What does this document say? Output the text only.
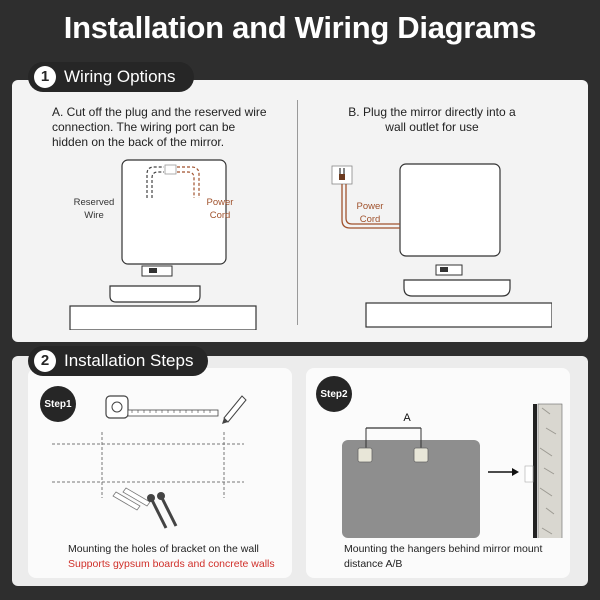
Installation and Wiring Diagrams
A. Cut off the plug and the reserved wire connection. The wiring port can be hidden on the back of the mirror.
Reserved Wire
Power Cord
B. Plug the mirror directly into a wall outlet for use
Power Cord
1 Wiring Options
Step1
Mounting the holes of bracket on the wall
Supports gypsum boards and concrete walls
Step2
A
Mounting the hangers behind mirror mount distance A/B
2 Installation Steps
